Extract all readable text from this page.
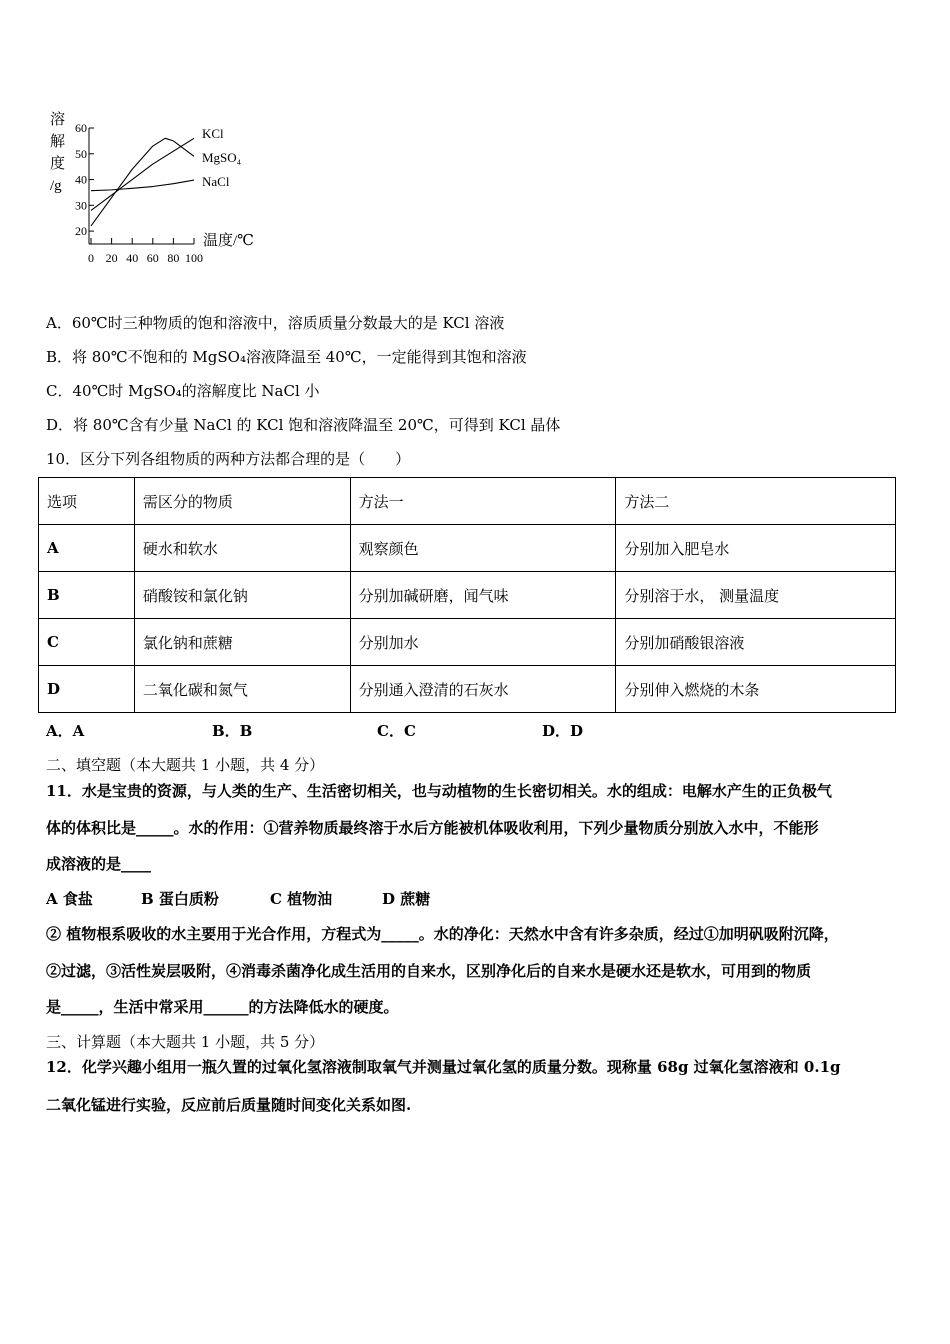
溶
解
度
/g
20
30
40
50
60
0 20 40 60 80 100
KCl
MgSO₄
NaCl
温度/℃
A．60℃时三种物质的饱和溶液中，溶质质量分数最大的是 KCl 溶液
B．将 80℃不饱和的 MgSO₄溶液降温至 40℃，一定能得到其饱和溶液
C．40℃时 MgSO₄的溶解度比 NaCl 小
D．将 80℃含有少量 NaCl 的 KCl 饱和溶液降温至 20℃，可得到 KCl 晶体
10．区分下列各组物质的两种方法都合理的是（　　）
选项	需区分的物质	方法一	方法二
A	硬水和软水	观察颜色	分别加入肥皂水
B	硝酸铵和氯化钠	分别加碱研磨，闻气味	分别溶于水， 测量温度
C	氯化钠和蔗糖	分别加水	分别加硝酸银溶液
D	二氧化碳和氮气	分别通入澄清的石灰水	分别伸入燃烧的木条
A．A	B．B	C．C	D．D
二、填空题（本大题共 1 小题，共 4 分）
11．水是宝贵的资源，与人类的生产、生活密切相关，也与动植物的生长密切相关。水的组成：电解水产生的正负极气
体的体积比是_____。水的作用：①营养物质最终溶于水后方能被机体吸收利用，下列少量物质分别放入水中，不能形
成溶液的是____
A 食盐	B 蛋白质粉	C 植物油	D 蔗糖
② 植物根系吸收的水主要用于光合作用，方程式为_____。水的净化：天然水中含有许多杂质，经过①加明矾吸附沉降，
②过滤，③活性炭层吸附，④消毒杀菌净化成生活用的自来水，区别净化后的自来水是硬水还是软水，可用到的物质
是_____，生活中常采用______的方法降低水的硬度。
三、计算题（本大题共 1 小题，共 5 分）
12．化学兴趣小组用一瓶久置的过氧化氢溶液制取氧气并测量过氧化氢的质量分数。现称量 68g 过氧化氢溶液和 0.1g
二氧化锰进行实验，反应前后质量随时间变化关系如图.
